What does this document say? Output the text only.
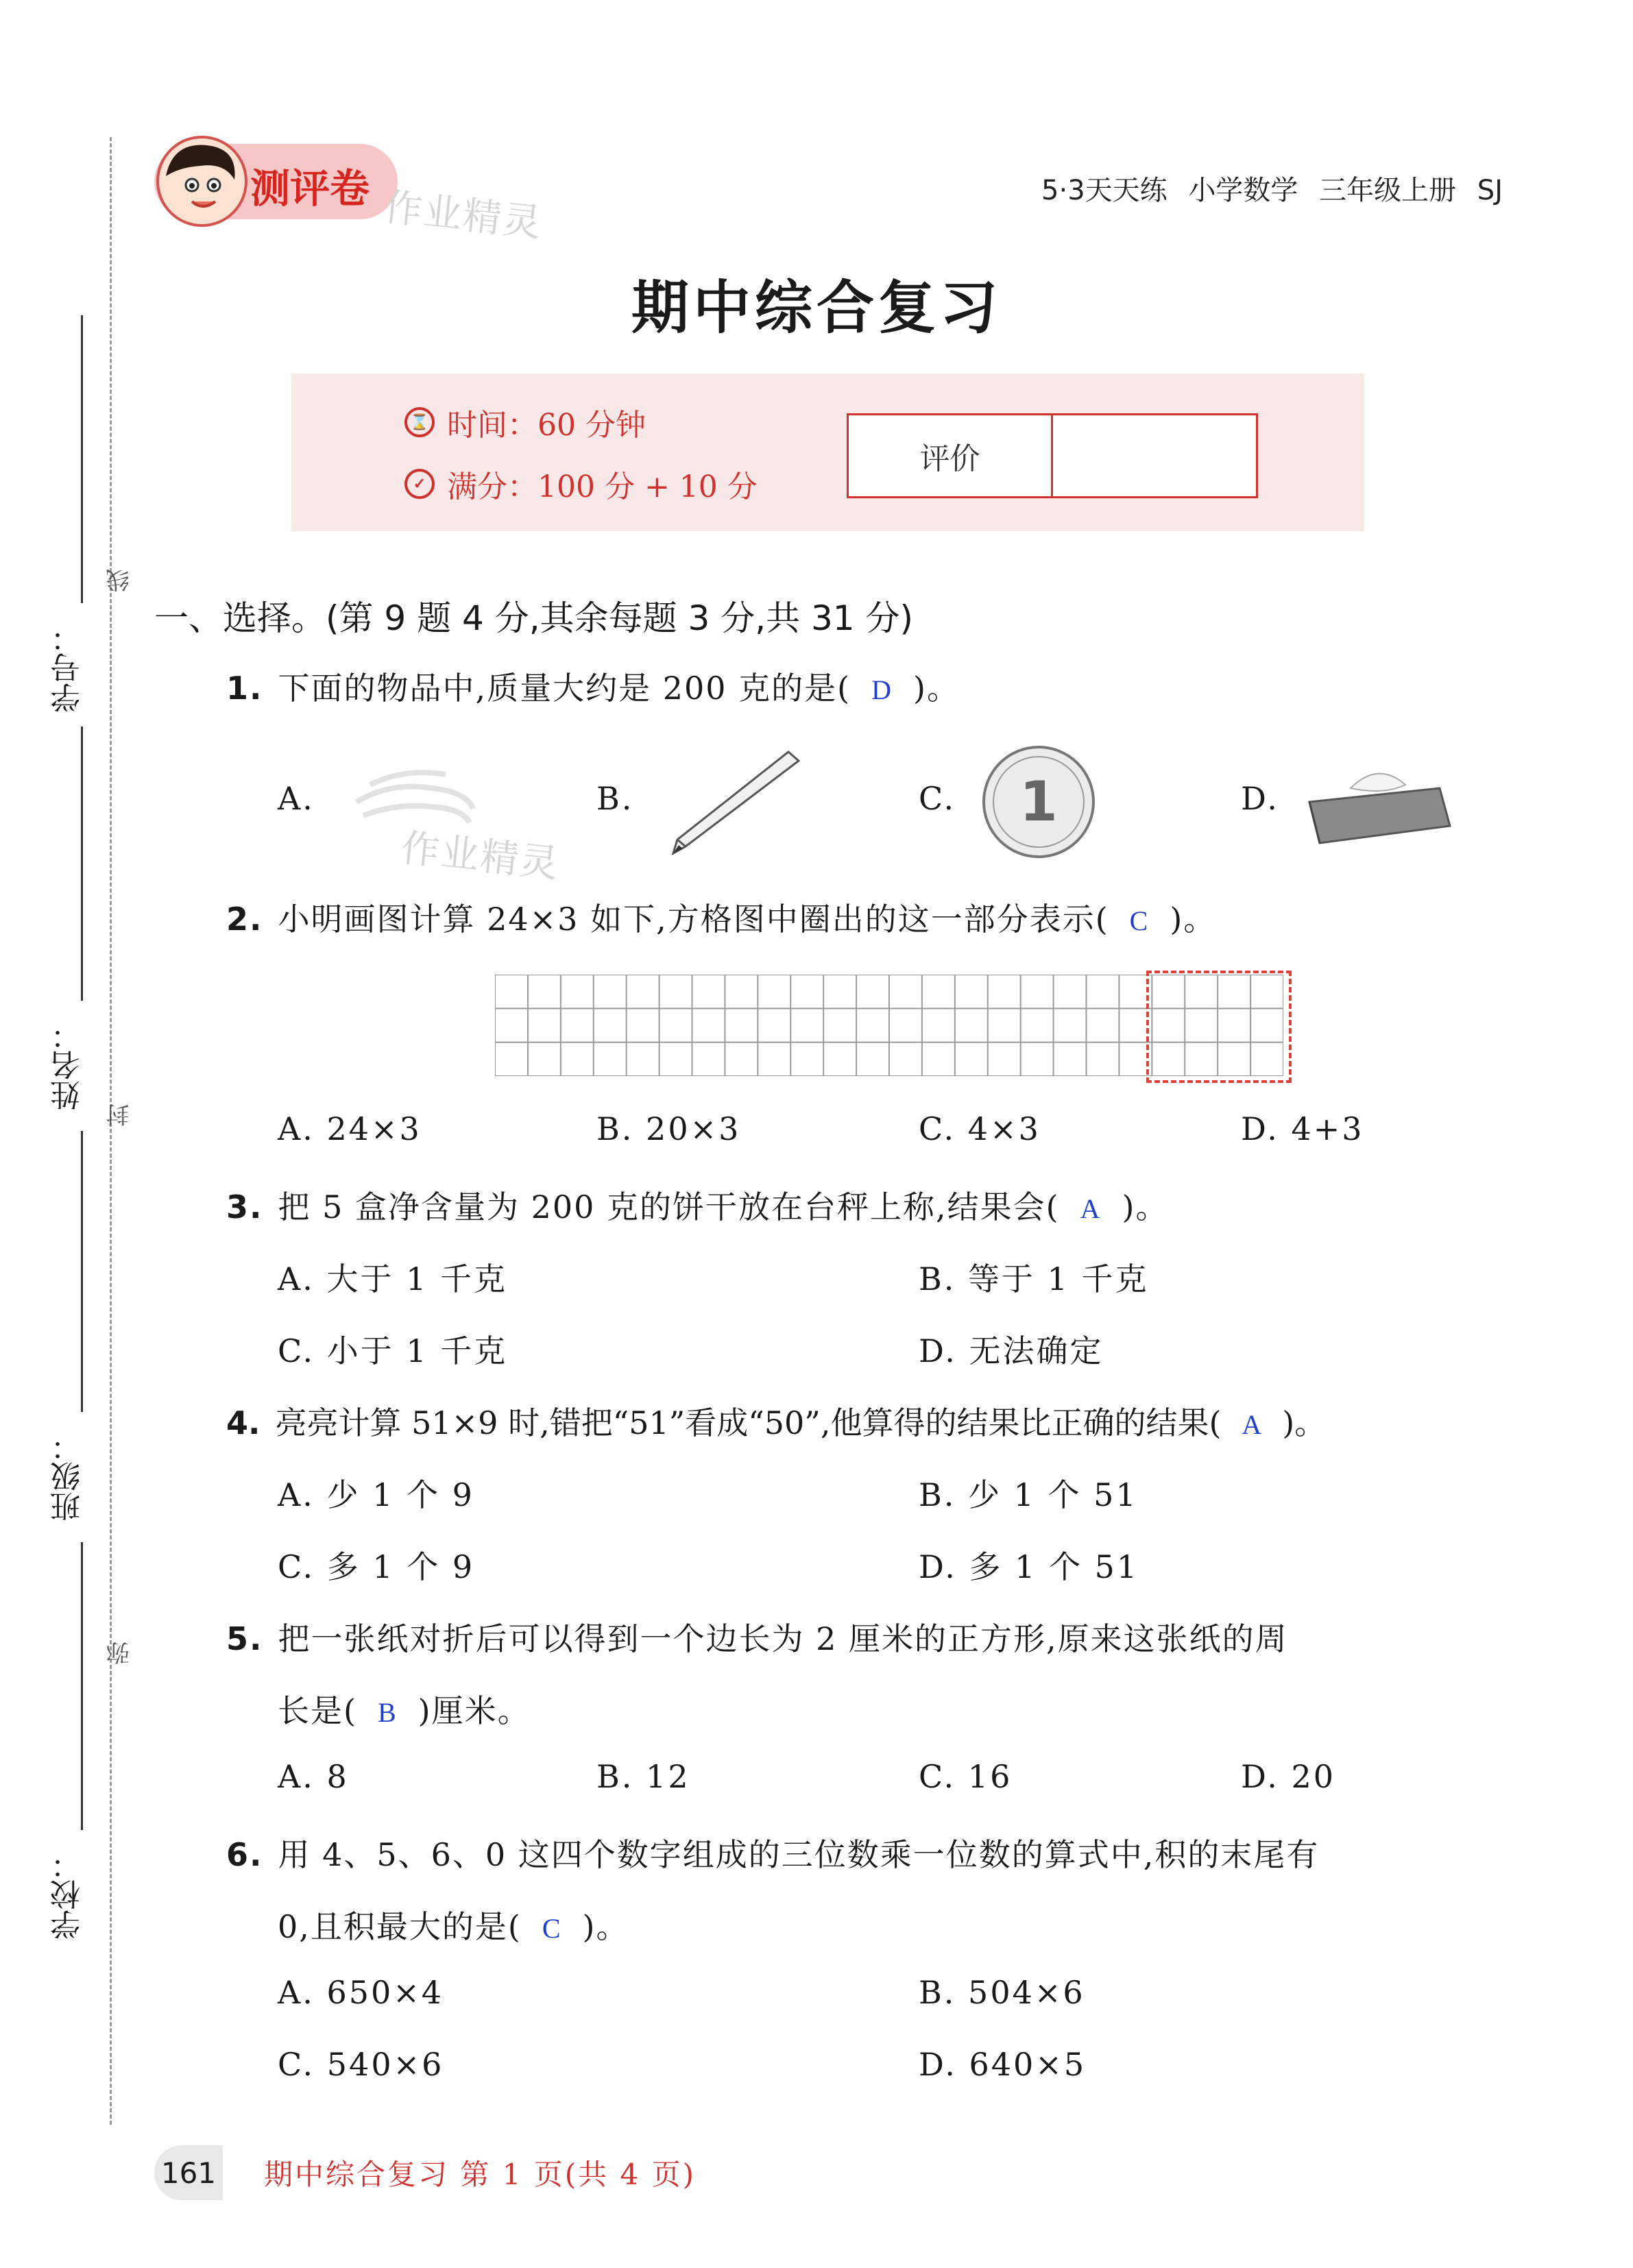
学号：
姓名：
班级：
学校：
线
封
弥
测评卷 作业精灵	5·3天天练 小学数学 三年级上册 SJ
期中综合复习
⌛ 时间：60 分钟
✓ 满分：100 分 + 10 分
评价
一、选择。(第 9 题 4 分,其余每题 3 分,共 31 分)
1. 下面的物品中,质量大约是 200 克的是( D )。
A.	B.	C. 1	D.
作业精灵
2. 小明画图计算 24×3 如下,方格图中圈出的这一部分表示( C )。
A. 24×3	B. 20×3	C. 4×3	D. 4+3
3. 把 5 盒净含量为 200 克的饼干放在台秤上称,结果会( A )。
A. 大于 1 千克	B. 等于 1 千克
C. 小于 1 千克	D. 无法确定
4. 亮亮计算 51×9 时,错把“51”看成“50”,他算得的结果比正确的结果( A )。
A. 少 1 个 9	B. 少 1 个 51
C. 多 1 个 9	D. 多 1 个 51
5. 把一张纸对折后可以得到一个边长为 2 厘米的正方形,原来这张纸的周
长是( B )厘米。
A. 8	B. 12	C. 16	D. 20
6. 用 4、5、6、0 这四个数字组成的三位数乘一位数的算式中,积的末尾有
0,且积最大的是( C )。
A. 650×4	B. 504×6
C. 540×6	D. 640×5
161 期中综合复习 第 1 页(共 4 页)
